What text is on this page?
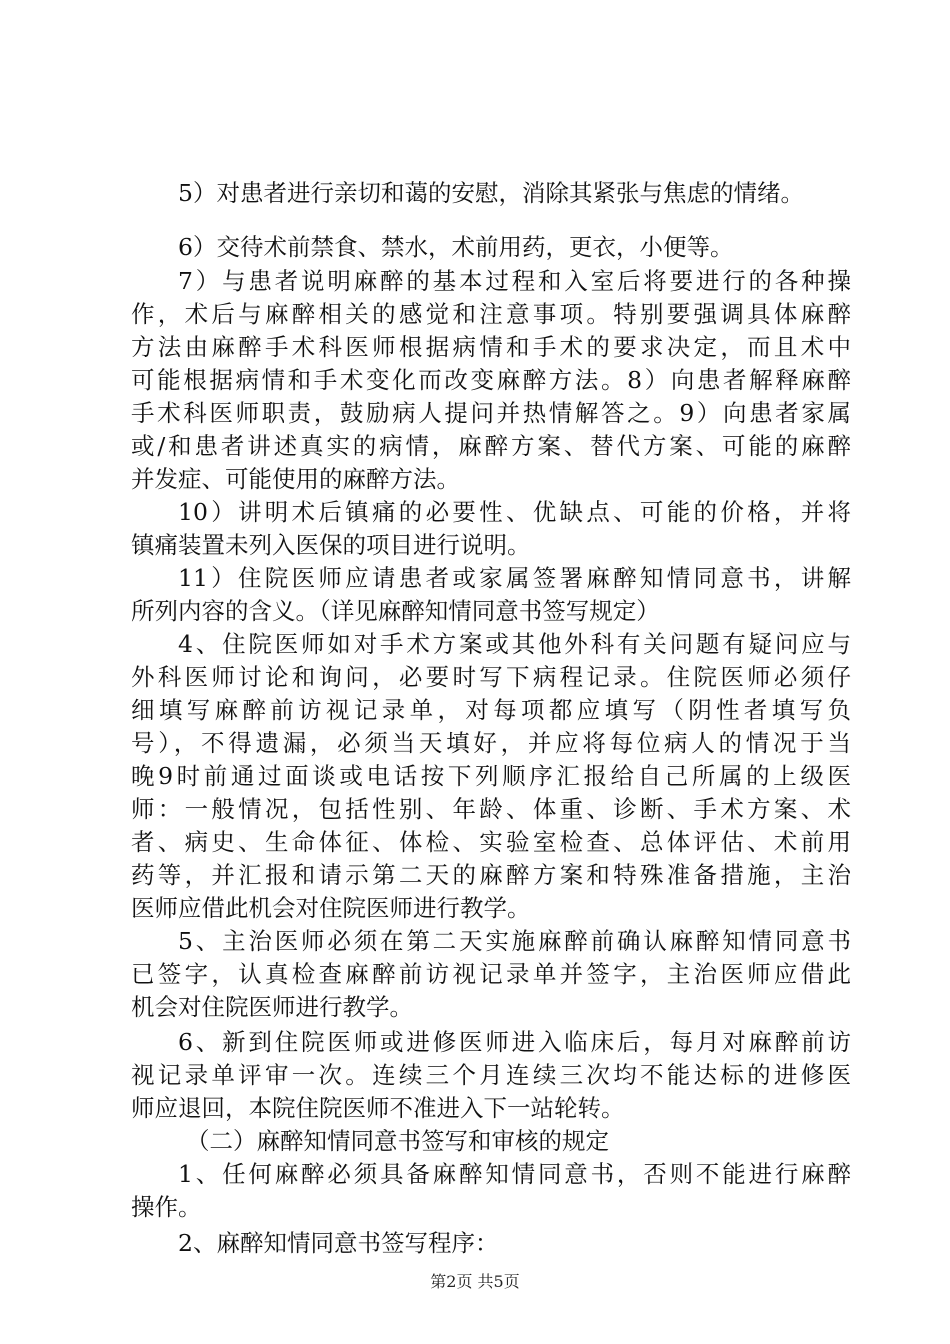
5）对患者进行亲切和蔼的安慰，消除其紧张与焦虑的情绪。
6）交待术前禁食、禁水，术前用药，更衣，小便等。
7）与患者说明麻醉的基本过程和入室后将要进行的各种操
作，术后与麻醉相关的感觉和注意事项。特别要强调具体麻醉
方法由麻醉手术科医师根据病情和手术的要求决定，而且术中
可能根据病情和手术变化而改变麻醉方法。8）向患者解释麻醉
手术科医师职责，鼓励病人提问并热情解答之。9）向患者家属
或/和患者讲述真实的病情，麻醉方案、替代方案、可能的麻醉
并发症、可能使用的麻醉方法。
10）讲明术后镇痛的必要性、优缺点、可能的价格，并将
镇痛装置未列入医保的项目进行说明。
11）住院医师应请患者或家属签署麻醉知情同意书，讲解
所列内容的含义。（详见麻醉知情同意书签写规定）
4、住院医师如对手术方案或其他外科有关问题有疑问应与
外科医师讨论和询问，必要时写下病程记录。住院医师必须仔
细填写麻醉前访视记录单，对每项都应填写（阴性者填写负
号），不得遗漏，必须当天填好，并应将每位病人的情况于当
晚9时前通过面谈或电话按下列顺序汇报给自己所属的上级医
师：一般情况，包括性别、年龄、体重、诊断、手术方案、术
者、病史、生命体征、体检、实验室检查、总体评估、术前用
药等，并汇报和请示第二天的麻醉方案和特殊准备措施，主治
医师应借此机会对住院医师进行教学。
5、主治医师必须在第二天实施麻醉前确认麻醉知情同意书
已签字，认真检查麻醉前访视记录单并签字，主治医师应借此
机会对住院医师进行教学。
6、新到住院医师或进修医师进入临床后，每月对麻醉前访
视记录单评审一次。连续三个月连续三次均不能达标的进修医
师应退回，本院住院医师不准进入下一站轮转。
（二）麻醉知情同意书签写和审核的规定
1、任何麻醉必须具备麻醉知情同意书，否则不能进行麻醉
操作。
2、麻醉知情同意书签写程序：
第2页 共5页
